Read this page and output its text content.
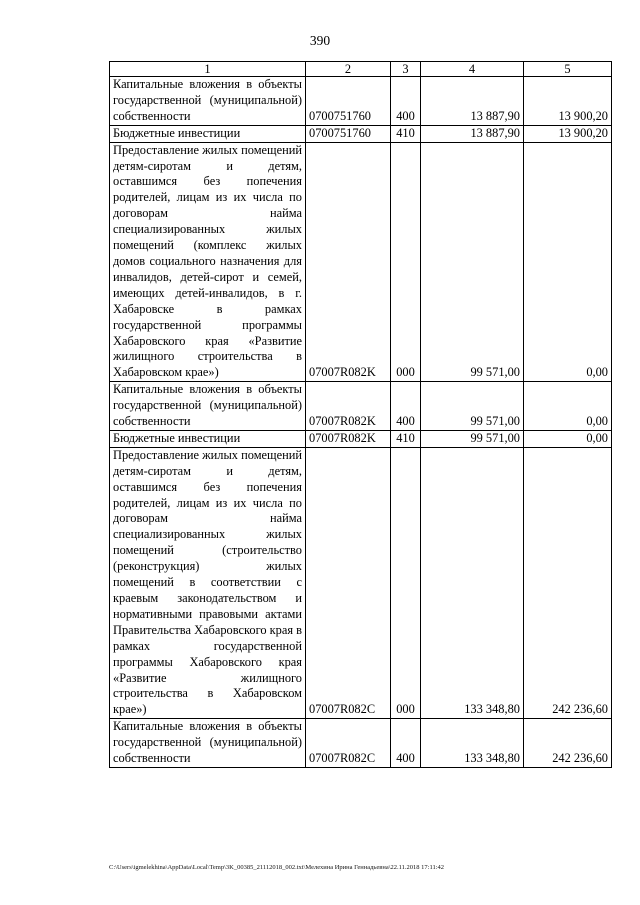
390
1	2	3	4	5
Капитальные вложения в объекты государственной (муниципальной) собственности	0700751760	400	13 887,90	13 900,20
Бюджетные инвестиции	0700751760	410	13 887,90	13 900,20
Предоставление жилых помещений детям-сиротам и детям, оставшимся без попечения родителей, лицам из их числа по договорам найма специализированных жилых помещений (комплекс жилых домов социального назначения для инвалидов, детей-сирот и семей, имеющих детей-инвалидов, в г. Хабаровске в рамках государственной программы Хабаровского края «Развитие жилищного строительства в Хабаровском крае»)	07007R082K	000	99 571,00	0,00
Капитальные вложения в объекты государственной (муниципальной) собственности	07007R082K	400	99 571,00	0,00
Бюджетные инвестиции	07007R082K	410	99 571,00	0,00
Предоставление жилых помещений детям-сиротам и детям, оставшимся без попечения родителей, лицам из их числа по договорам найма специализированных жилых помещений (строительство (реконструкция) жилых помещений в соответствии с краевым законодательством и нормативными правовыми актами Правительства Хабаровского края в рамках государственной программы Хабаровского края «Развитие жилищного строительства в Хабаровском крае»)	07007R082C	000	133 348,80	242 236,60
Капитальные вложения в объекты государственной (муниципальной) собственности	07007R082C	400	133 348,80	242 236,60
C:\Users\igmelekhina\AppData\Local\Temp\3K_00385_21112018_002.txt\Мелехина Ирина Геннадьевна\22.11.2018 17:11:42
